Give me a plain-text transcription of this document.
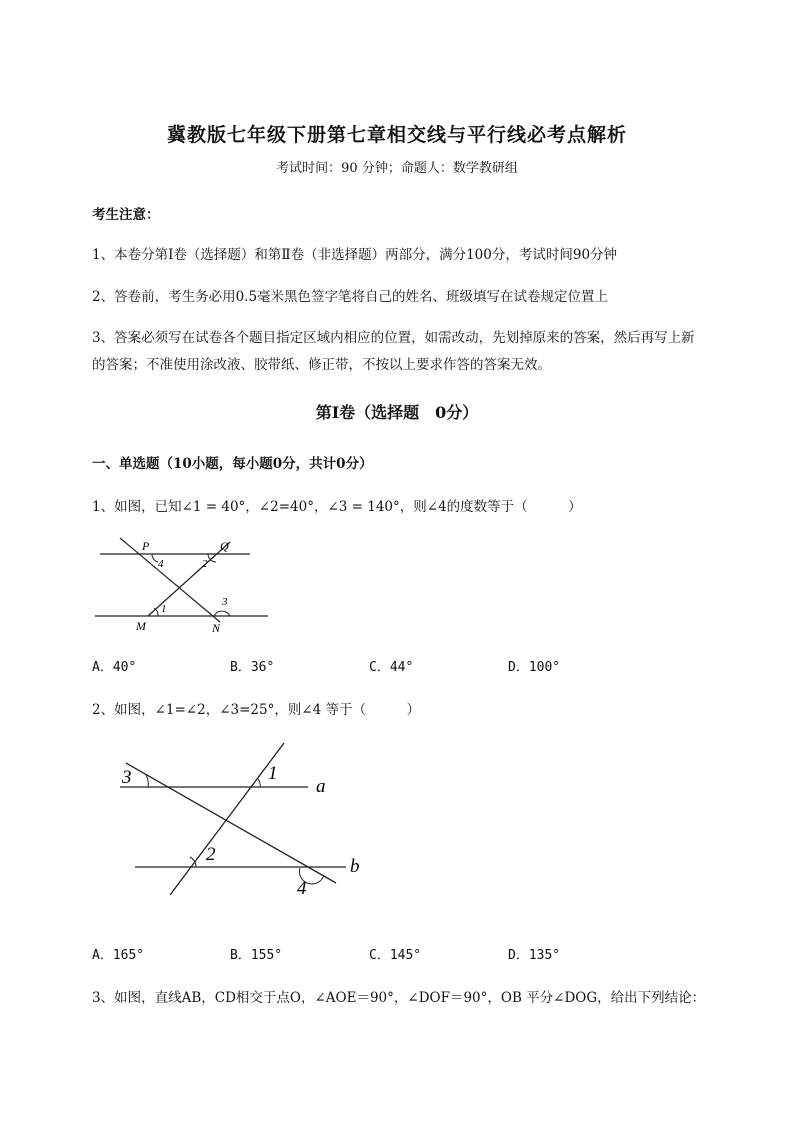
冀教版七年级下册第七章相交线与平行线必考点解析
考试时间：90 分钟；命题人：数学教研组
考生注意：
1、本卷分第Ⅰ卷（选择题）和第Ⅱ卷（非选择题）两部分，满分100分，考试时间90分钟
2、答卷前，考生务必用0.5毫米黑色签字笔将自己的姓名、班级填写在试卷规定位置上
3、答案必须写在试卷各个题目指定区域内相应的位置，如需改动，先划掉原来的答案，然后再写上新
的答案；不准使用涂改液、胶带纸、修正带，不按以上要求作答的答案无效。
第Ⅰ卷（选择题　0分）
一、单选题（10小题，每小题0分，共计0分）
1、如图，已知∠1 = 40°，∠2=40°，∠3 = 140°，则∠4的度数等于（　　　）
P	Q
M	N
1
2
3
4
A．40°	B．36°	C．44°	D．100°
2、如图，∠1=∠2，∠3=25°，则∠4 等于（　　　）
3	1
2
4
a
b
A．165°	B．155°	C．145°	D．135°
3、如图，直线AB，CD相交于点O，∠AOE＝90°，∠DOF＝90°，OB 平分∠DOG，给出下列结论：
